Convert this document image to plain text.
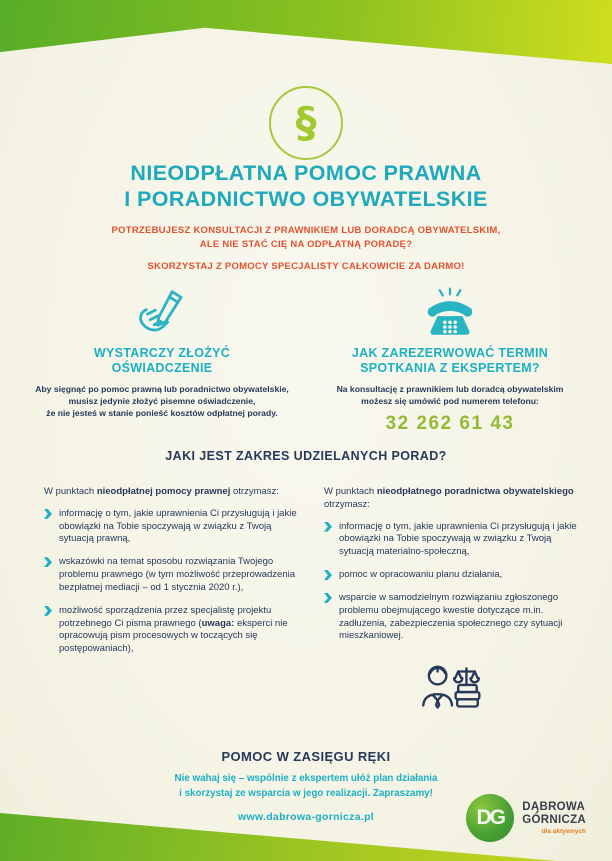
§
NIEODPŁATNA POMOC PRAWNA
I PORADNICTWO OBYWATELSKIE
POTRZEBUJESZ KONSULTACJI Z PRAWNIKIEM LUB DORADCĄ OBYWATELSKIM,
ALE NIE STAĆ CIĘ NA ODPŁATNĄ PORADĘ?
SKORZYSTAJ Z POMOCY SPECJALISTY CAŁKOWICIE ZA DARMO!
WYSTARCZY ZŁOŻYĆ
OŚWIADCZENIE
Aby sięgnąć po pomoc prawną lub poradnictwo obywatelskie,
musisz jedynie złożyć pisemne oświadczenie,
że nie jesteś w stanie ponieść kosztów odpłatnej porady.
JAK ZAREZERWOWAĆ TERMIN
SPOTKANIA Z EKSPERTEM?
Na konsultację z prawnikiem lub doradcą obywatelskim
możesz się umówić pod numerem telefonu:
32 262 61 43
JAKI JEST ZAKRES UDZIELANYCH PORAD?
W punktach nieodpłatnej pomocy prawnej otrzymasz:
informację o tym, jakie uprawnienia Ci przysługują i jakie obowiązki na Tobie spoczywają w związku z Twoją sytuacją prawną,
wskazówki na temat sposobu rozwiązania Twojego problemu prawnego (w tym możliwość przeprowadzenia bezpłatnej mediacji – od 1 stycznia 2020 r.),
możliwość sporządzenia przez specjalistę projektu potrzebnego Ci pisma prawnego (uwaga: eksperci nie opracowują pism procesowych w toczących się postępowaniach),
W punktach nieodpłatnego poradnictwa obywatelskiego otrzymasz:
informację o tym, jakie uprawnienia Ci przysługują i jakie obowiązki na Tobie spoczywają w związku z Twoją sytuacją materialno-społeczną,
pomoc w opracowaniu planu działania,
wsparcie w samodzielnym rozwiązaniu zgłoszonego problemu obejmującego kwestie dotyczące m.in. zadłużenia, zabezpieczenia społecznego czy sytuacji mieszkaniowej.
POMOC W ZASIĘGU RĘKI
Nie wahaj się – wspólnie z ekspertem ułóż plan działania
i skorzystaj ze wsparcia w jego realizacji. Zapraszamy!
www.dabrowa-gornicza.pl	DG DĄBROWA
GÓRNICZA
dla aktywnych
